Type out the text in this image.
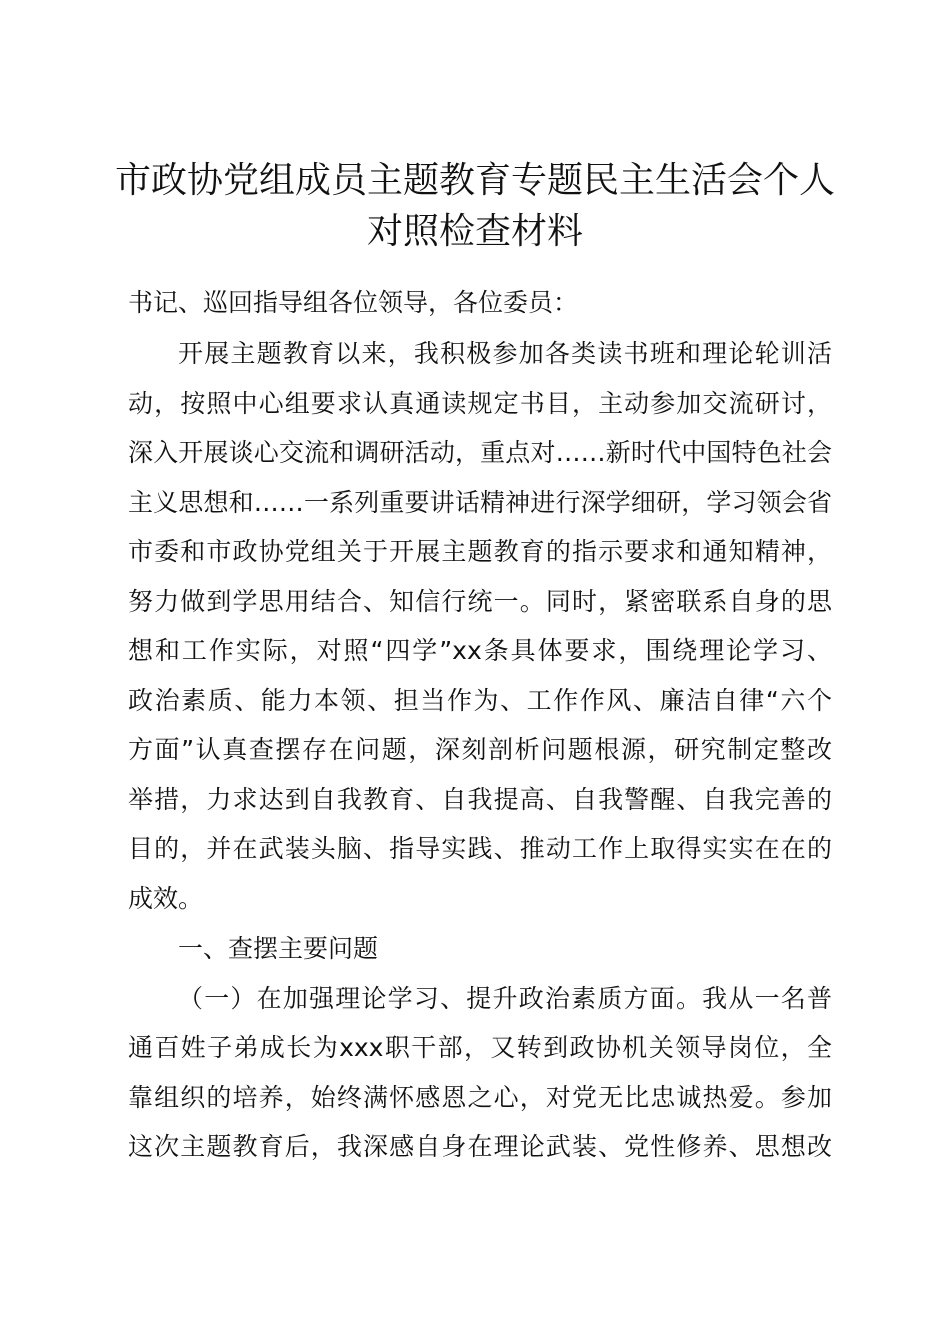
市政协党组成员主题教育专题民主生活会个人
对照检查材料
书记、巡回指导组各位领导，各位委员：
开展主题教育以来，我积极参加各类读书班和理论轮训活
动，按照中心组要求认真通读规定书目，主动参加交流研讨，
深入开展谈心交流和调研活动，重点对……新时代中国特色社会
主义思想和……一系列重要讲话精神进行深学细研，学习领会省
市委和市政协党组关于开展主题教育的指示要求和通知精神，
努力做到学思用结合、知信行统一。同时，紧密联系自身的思
想和工作实际，对照“四学”xx条具体要求，围绕理论学习、
政治素质、能力本领、担当作为、工作作风、廉洁自律“六个
方面”认真查摆存在问题，深刻剖析问题根源，研究制定整改
举措，力求达到自我教育、自我提高、自我警醒、自我完善的
目的，并在武装头脑、指导实践、推动工作上取得实实在在的
成效。
一、查摆主要问题
（一）在加强理论学习、提升政治素质方面。我从一名普
通百姓子弟成长为xxx职干部，又转到政协机关领导岗位，全
靠组织的培养，始终满怀感恩之心，对党无比忠诚热爱。参加
这次主题教育后，我深感自身在理论武装、党性修养、思想改
